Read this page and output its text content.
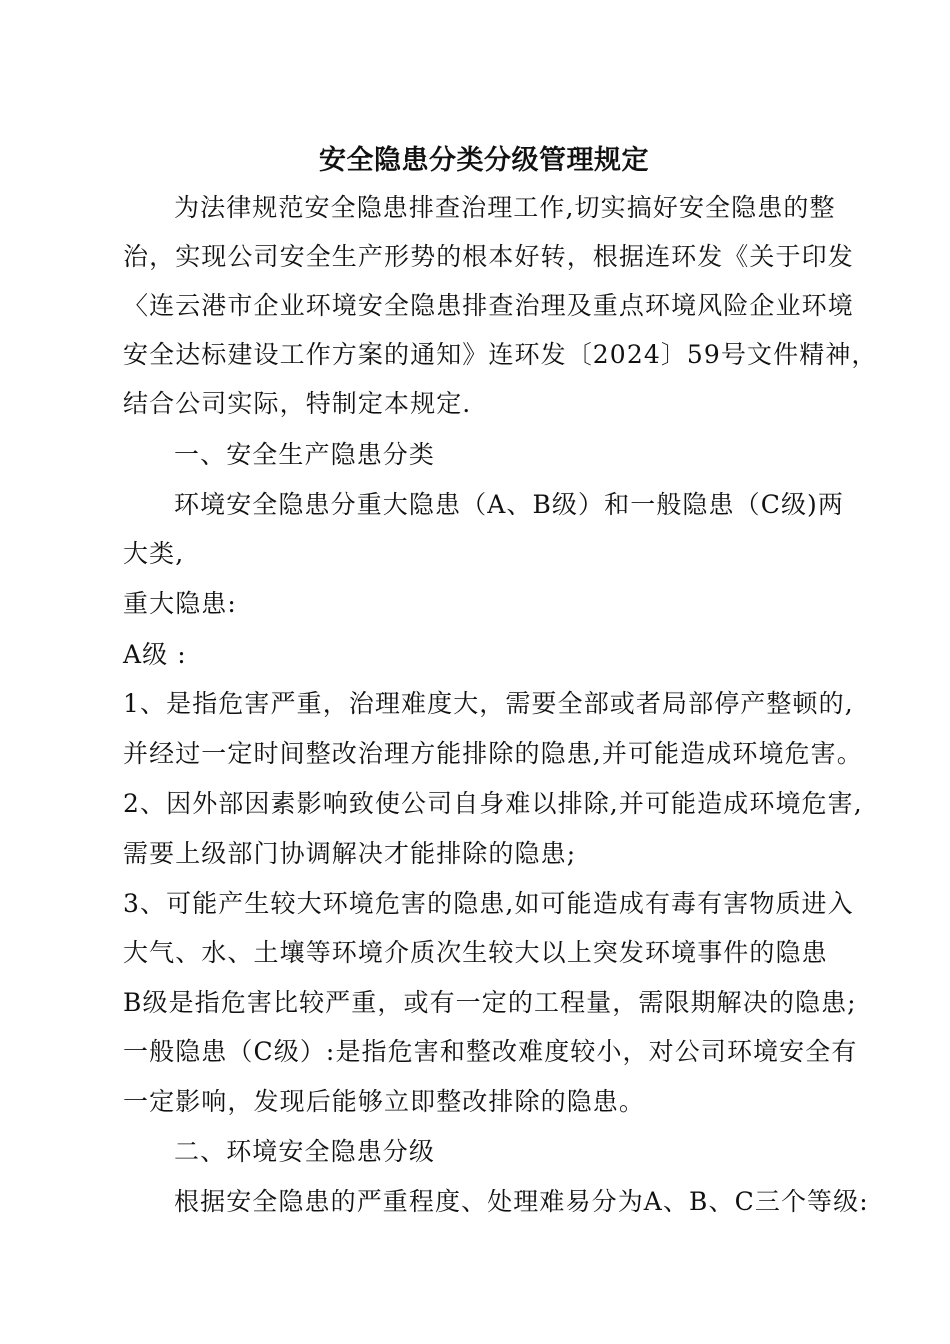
安全隐患分类分级管理规定
为法律规范安全隐患排查治理工作,切实搞好安全隐患的整
治，实现公司安全生产形势的根本好转，根据连环发《关于印发
〈连云港市企业环境安全隐患排查治理及重点环境风险企业环境
安全达标建设工作方案的通知》连环发〔2024〕59号文件精神，
结合公司实际，特制定本规定.
一、安全生产隐患分类
环境安全隐患分重大隐患（A、B级）和一般隐患（C级)两
大类,
重大隐患:
A级 :
1、是指危害严重，治理难度大，需要全部或者局部停产整顿的,
并经过一定时间整改治理方能排除的隐患,并可能造成环境危害。
2、因外部因素影响致使公司自身难以排除,并可能造成环境危害,
需要上级部门协调解决才能排除的隐患;
3、可能产生较大环境危害的隐患,如可能造成有毒有害物质进入
大气、水、土壤等环境介质次生较大以上突发环境事件的隐患
B级是指危害比较严重，或有一定的工程量，需限期解决的隐患;
一般隐患（C级）:是指危害和整改难度较小，对公司环境安全有
一定影响，发现后能够立即整改排除的隐患。
二、环境安全隐患分级
根据安全隐患的严重程度、处理难易分为A、B、C三个等级:
